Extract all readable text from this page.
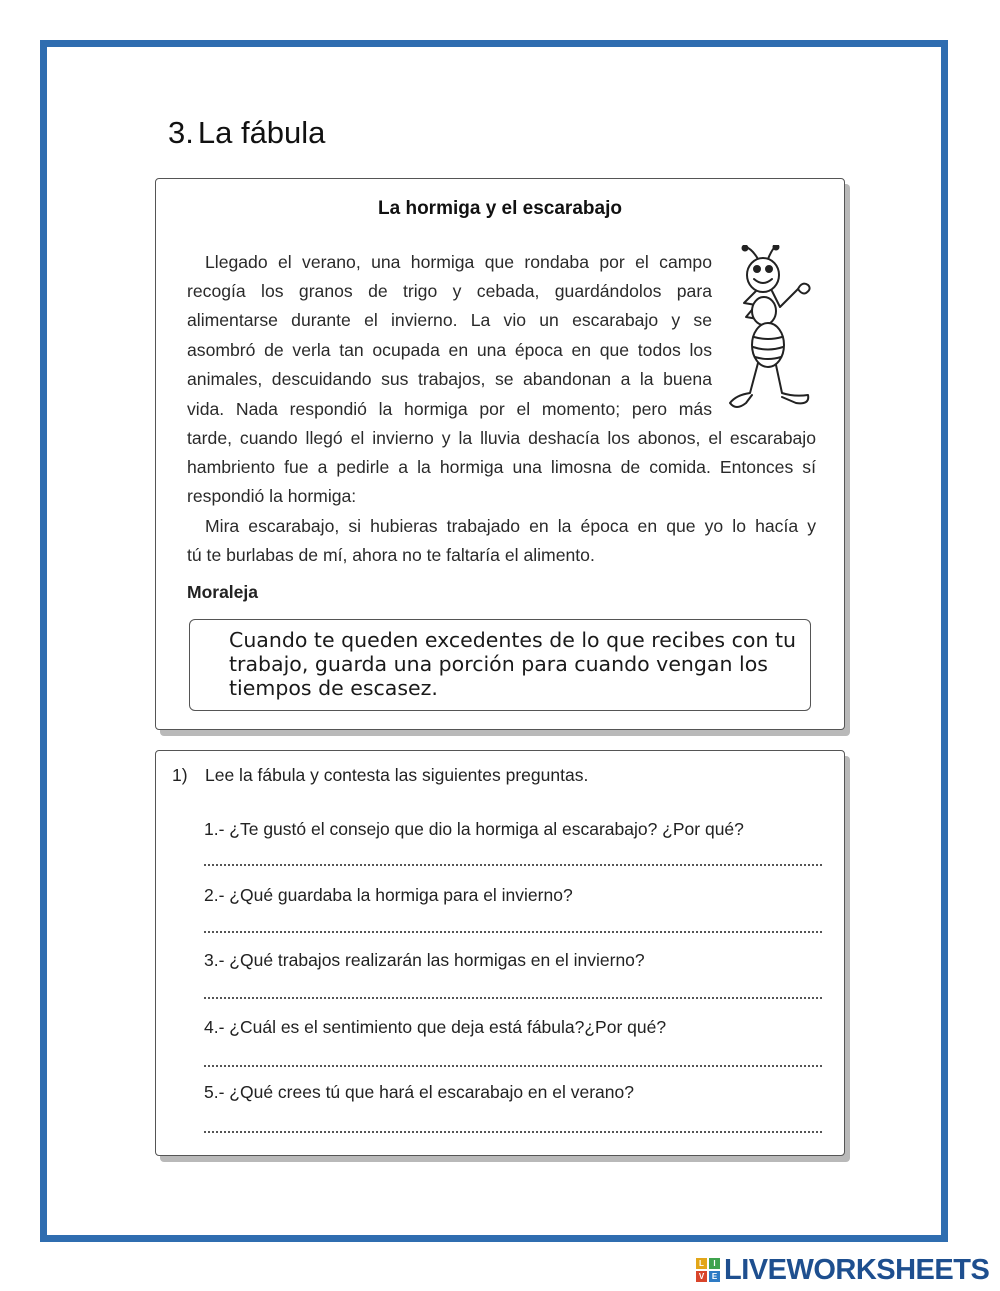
3. La fábula
La hormiga y el escarabajo
Llegado el verano, una hormiga que rondaba por el campo
recogía los granos de trigo y cebada, guardándolos para
alimentarse durante el invierno. La vio un escarabajo y se
asombró de verla tan ocupada en una época en que todos los
animales, descuidando sus trabajos, se abandonan a la buena
vida. Nada respondió la hormiga por el momento; pero más
tarde, cuando llegó el invierno y la lluvia deshacía los abonos, el escarabajo
hambriento fue a pedirle a la hormiga una limosna de comida. Entonces sí
respondió la hormiga:
Mira escarabajo, si hubieras trabajado en la época en que yo lo hacía y
tú te burlabas de mí, ahora no te faltaría el alimento.
Moraleja
Cuando te queden excedentes de lo que recibes con tu
trabajo, guarda una porción para cuando vengan los
tiempos de escasez.
1) Lee la fábula y contesta las siguientes preguntas.
1.- ¿Te gustó el consejo que dio la hormiga al escarabajo? ¿Por qué?
2.- ¿Qué guardaba la hormiga para el invierno?
3.- ¿Qué trabajos realizarán las hormigas en el invierno?
4.- ¿Cuál es el sentimiento que deja está fábula?¿Por qué?
5.- ¿Qué crees tú que hará el escarabajo en el verano?
L	I
V E LIVEWORKSHEETS
